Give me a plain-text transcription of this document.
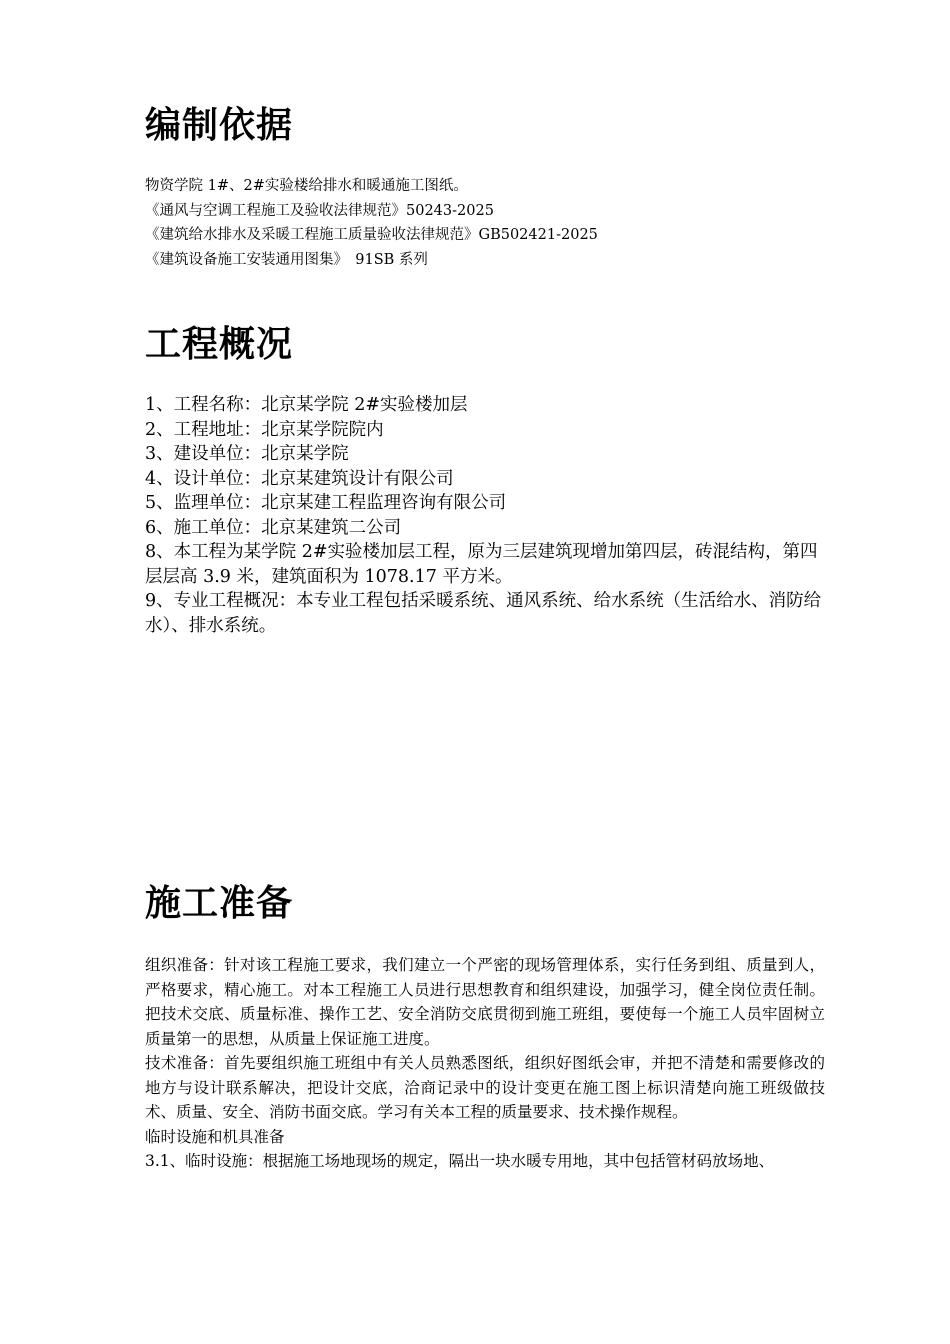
编制依据

物资学院 1#、2#实验楼给排水和暖通施工图纸。

《通风与空调工程施工及验收法律规范》50243-2025

《建筑给水排水及采暖工程施工质量验收法律规范》GB502421-2025

《建筑设备施工安装通用图集》　91SB 系列

工程概况

1、工程名称：北京某学院 2#实验楼加层

2、工程地址：北京某学院院内

3、建设单位：北京某学院

4、设计单位：北京某建筑设计有限公司

5、监理单位：北京某建工程监理咨询有限公司

6、施工单位：北京某建筑二公司

8、本工程为某学院 2#实验楼加层工程，原为三层建筑现增加第四层，砖混结构，第四层层高 3.9 米，建筑面积为 1078.17 平方米。

9、专业工程概况：本专业工程包括采暖系统、通风系统、给水系统（生活给水、消防给水）、排水系统。

施工准备

组织准备：针对该工程施工要求，我们建立一个严密的现场管理体系，实行任务到组、质量到人，严格要求，精心施工。对本工程施工人员进行思想教育和组织建设，加强学习，健全岗位责任制。把技术交底、质量标准、操作工艺、安全消防交底贯彻到施工班组，要使每一个施工人员牢固树立质量第一的思想，从质量上保证施工进度。

技术准备：首先要组织施工班组中有关人员熟悉图纸，组织好图纸会审，并把不清楚和需要修改的地方与设计联系解决，把设计交底，洽商记录中的设计变更在施工图上标识清楚向施工班级做技术、质量、安全、消防书面交底。学习有关本工程的质量要求、技术操作规程。

临时设施和机具准备

3.1、临时设施：根据施工场地现场的规定，隔出一块水暖专用地，其中包括管材码放场地、
